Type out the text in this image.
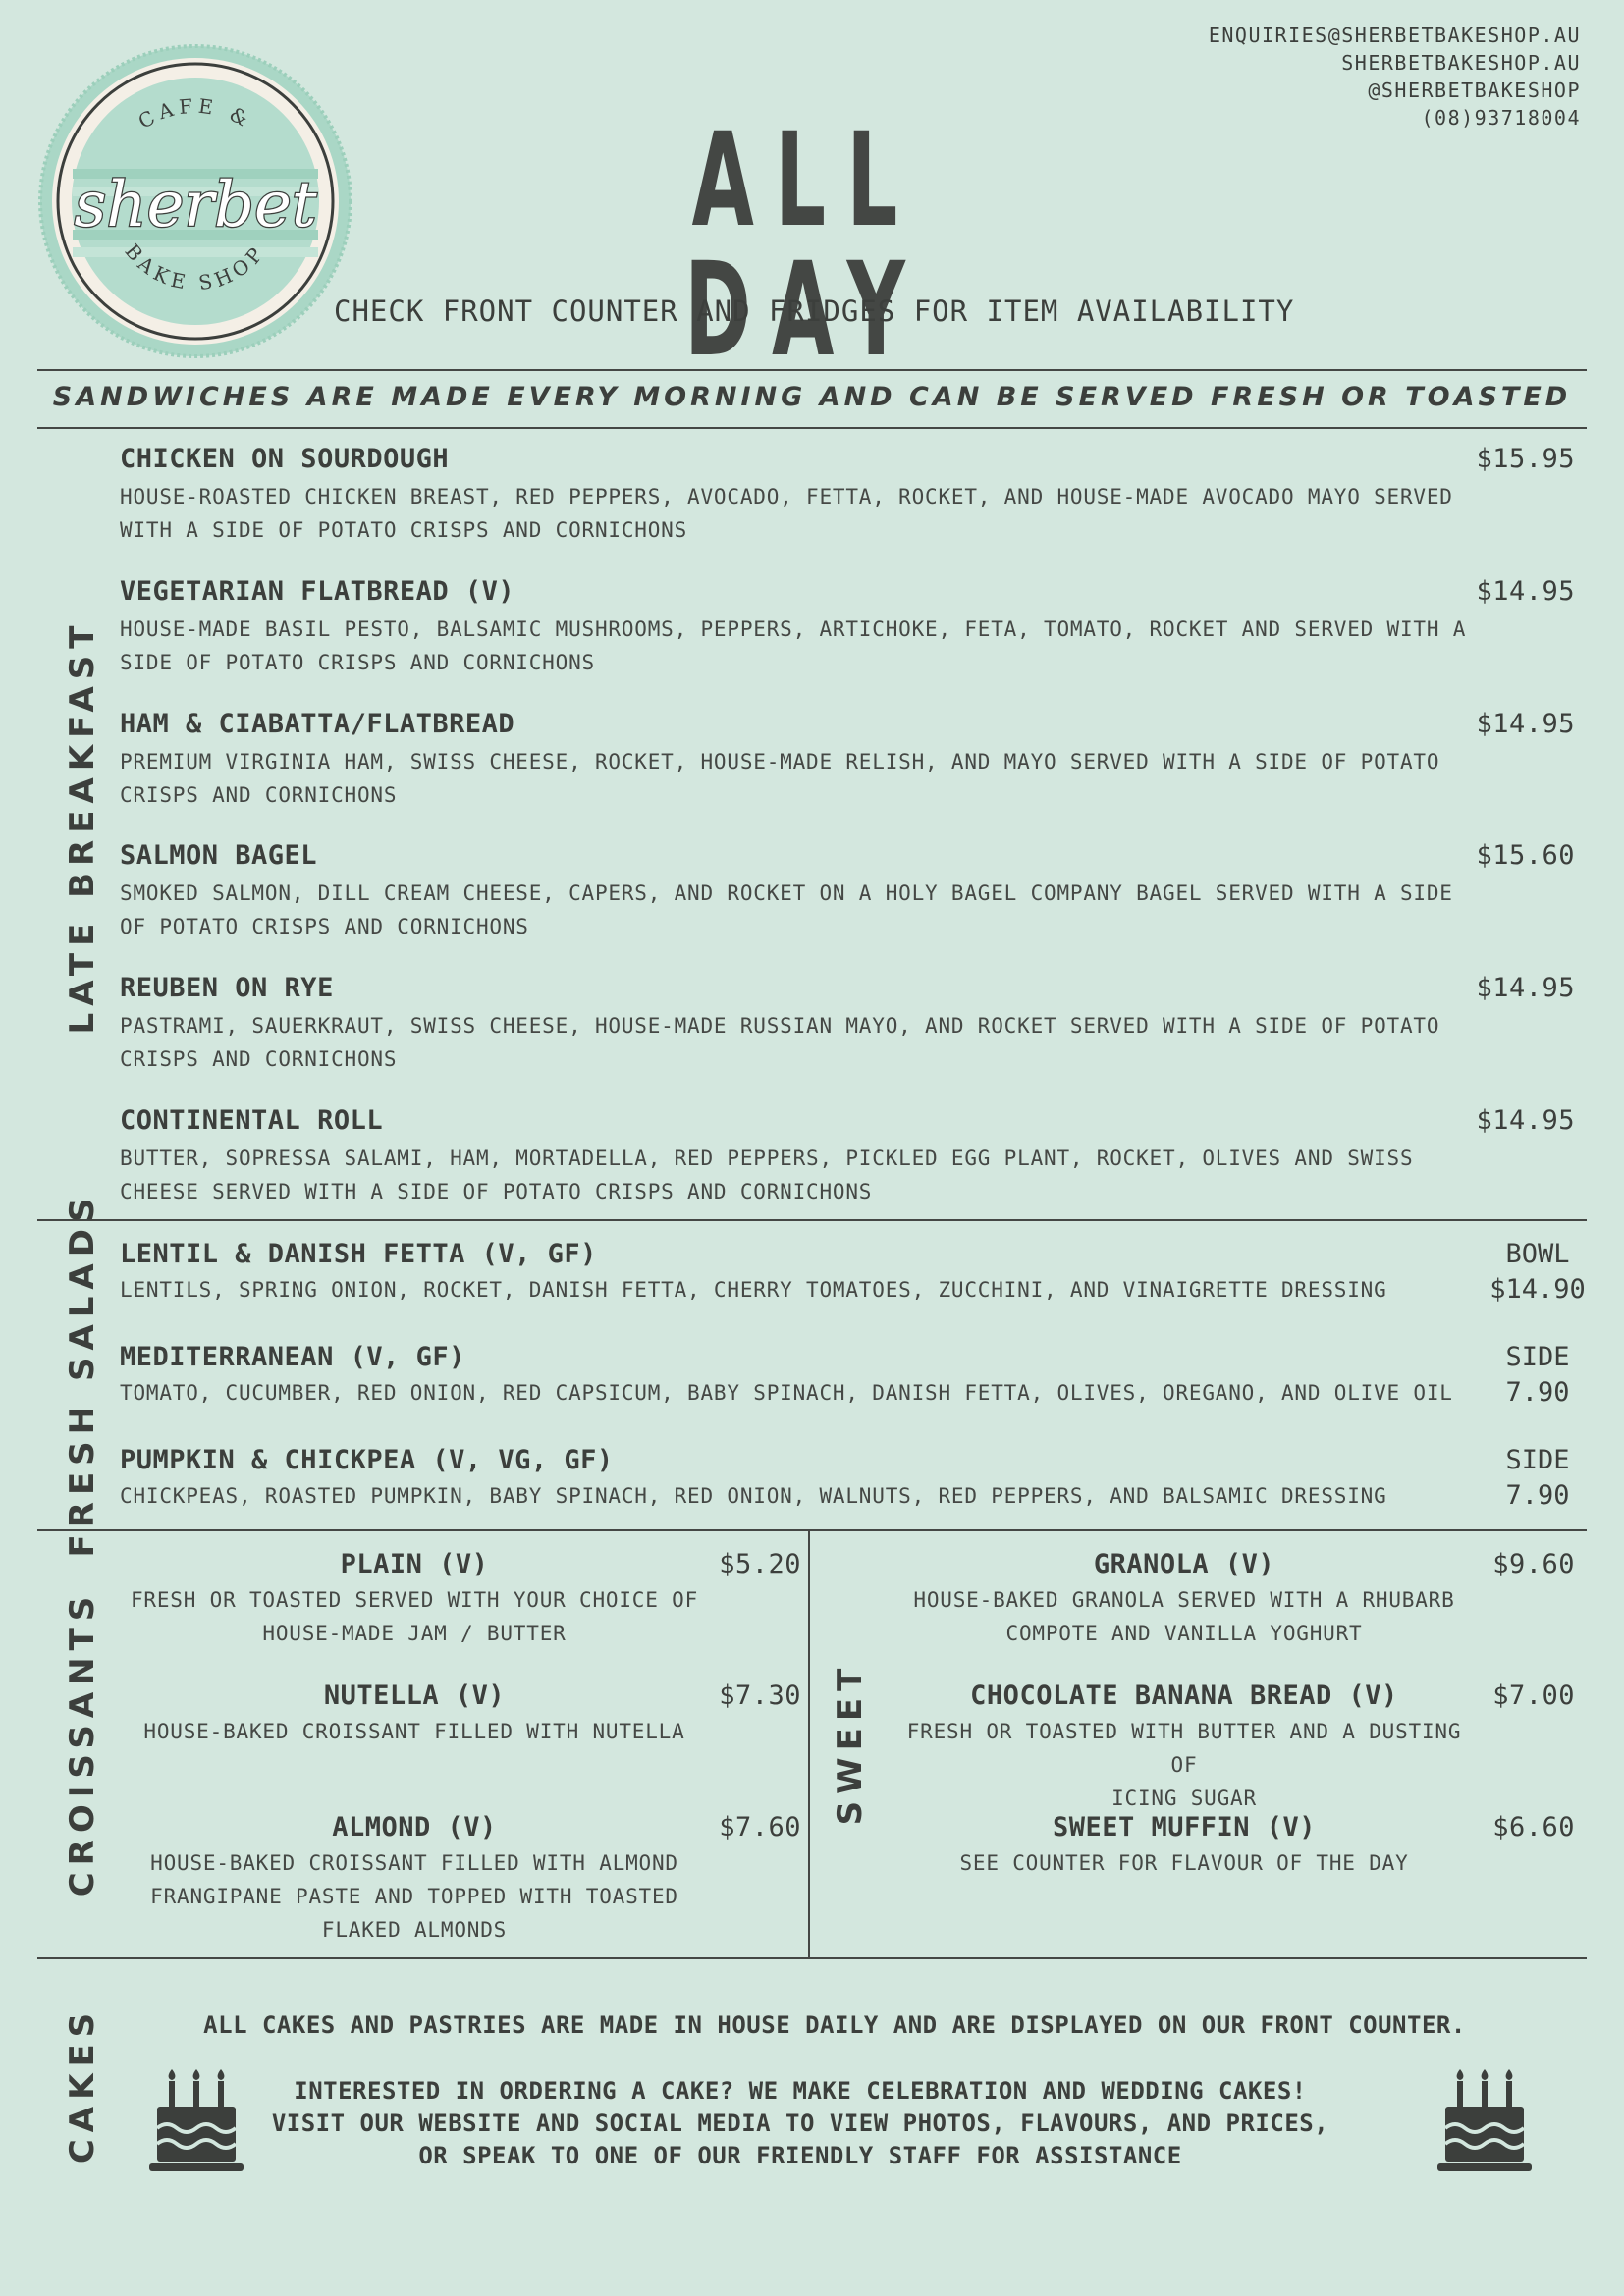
ENQUIRIES@SHERBETBAKESHOP.AU
SHERBETBAKESHOP.AU
@SHERBETBAKESHOP
(08)93718004
CAFE &
BAKE SHOP
sherbet	ALL DAY
CHECK FRONT COUNTER AND FRIDGES FOR ITEM AVAILABILITY
SANDWICHES ARE MADE EVERY MORNING AND CAN BE SERVED FRESH OR TOASTED
LATE BREAKFAST
CHICKEN ON SOURDOUGH	$15.95
HOUSE-ROASTED CHICKEN BREAST, RED PEPPERS, AVOCADO, FETTA, ROCKET, AND HOUSE-MADE AVOCADO MAYO SERVED
WITH A SIDE OF POTATO CRISPS AND CORNICHONS
VEGETARIAN FLATBREAD (V)	$14.95
HOUSE-MADE BASIL PESTO, BALSAMIC MUSHROOMS, PEPPERS, ARTICHOKE, FETA, TOMATO, ROCKET AND SERVED WITH A
SIDE OF POTATO CRISPS AND CORNICHONS
HAM & CIABATTA/FLATBREAD	$14.95
PREMIUM VIRGINIA HAM, SWISS CHEESE, ROCKET, HOUSE-MADE RELISH, AND MAYO SERVED WITH A SIDE OF POTATO
CRISPS AND CORNICHONS
SALMON BAGEL	$15.60
SMOKED SALMON, DILL CREAM CHEESE, CAPERS, AND ROCKET ON A HOLY BAGEL COMPANY BAGEL SERVED WITH A SIDE
OF POTATO CRISPS AND CORNICHONS
REUBEN ON RYE	$14.95
PASTRAMI, SAUERKRAUT, SWISS CHEESE, HOUSE-MADE RUSSIAN MAYO, AND ROCKET SERVED WITH A SIDE OF POTATO
CRISPS AND CORNICHONS
CONTINENTAL ROLL	$14.95
BUTTER, SOPRESSA SALAMI, HAM, MORTADELLA, RED PEPPERS, PICKLED EGG PLANT, ROCKET, OLIVES AND SWISS
CHEESE SERVED WITH A SIDE OF POTATO CRISPS AND CORNICHONS
FRESH SALADS LENTIL & DANISH FETTA (V, GF)
LENTILS, SPRING ONION, ROCKET, DANISH FETTA, CHERRY TOMATOES, ZUCCHINI, AND VINAIGRETTE DRESSING
BOWL
$14.90
MEDITERRANEAN (V, GF)
TOMATO, CUCUMBER, RED ONION, RED CAPSICUM, BABY SPINACH, DANISH FETTA, OLIVES, OREGANO, AND OLIVE OIL
SIDE
7.90
PUMPKIN & CHICKPEA (V, VG, GF)
CHICKPEAS, ROASTED PUMPKIN, BABY SPINACH, RED ONION, WALNUTS, RED PEPPERS, AND BALSAMIC DRESSING
SIDE
7.90
CROISSANTS
PLAIN (V)	$5.20
FRESH OR TOASTED SERVED WITH YOUR CHOICE OF
HOUSE-MADE JAM / BUTTER
NUTELLA (V)	$7.30
HOUSE-BAKED CROISSANT FILLED WITH NUTELLA
ALMOND (V)	$7.60
HOUSE-BAKED CROISSANT FILLED WITH ALMOND
FRANGIPANE PASTE AND TOPPED WITH TOASTED
FLAKED ALMONDS
SWEET
GRANOLA (V)	$9.60
HOUSE-BAKED GRANOLA SERVED WITH A RHUBARB
COMPOTE AND VANILLA YOGHURT
CHOCOLATE BANANA BREAD (V)	$7.00
FRESH OR TOASTED WITH BUTTER AND A DUSTING OF
ICING SUGAR
SWEET MUFFIN (V)	$6.60
SEE COUNTER FOR FLAVOUR OF THE DAY
CAKES	ALL CAKES AND PASTRIES ARE MADE IN HOUSE DAILY AND ARE DISPLAYED ON OUR FRONT COUNTER.
INTERESTED IN ORDERING A CAKE? WE MAKE CELEBRATION AND WEDDING CAKES!
VISIT OUR WEBSITE AND SOCIAL MEDIA TO VIEW PHOTOS, FLAVOURS, AND PRICES,
OR SPEAK TO ONE OF OUR FRIENDLY STAFF FOR ASSISTANCE
